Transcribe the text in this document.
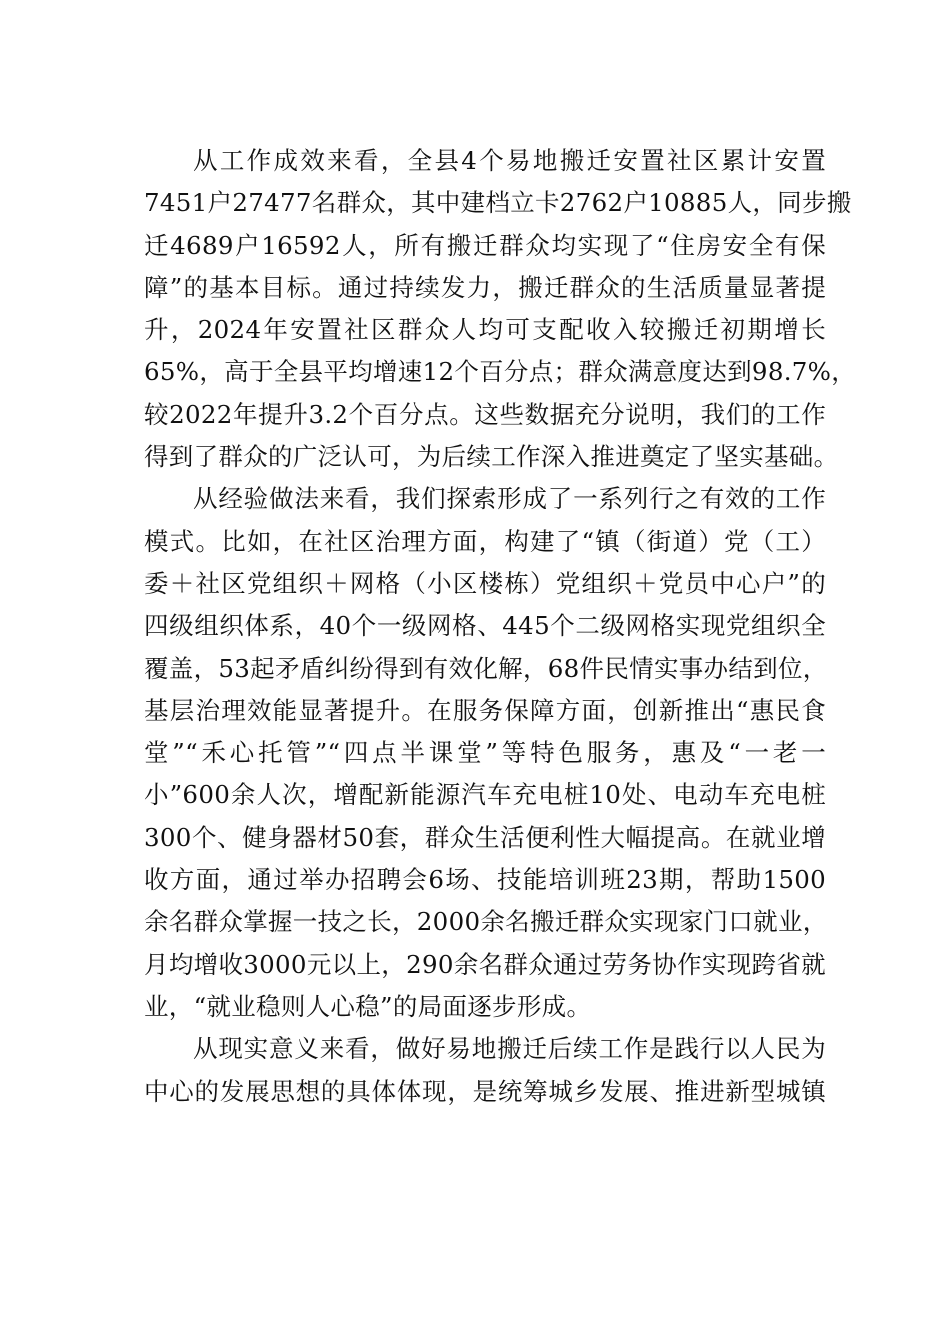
从工作成效来看，全县4个易地搬迁安置社区累计安置
7451户27477名群众，其中建档立卡2762户10885人，同步搬
迁4689户16592人，所有搬迁群众均实现了“住房安全有保
障”的基本目标。通过持续发力，搬迁群众的生活质量显著提
升，2024年安置社区群众人均可支配收入较搬迁初期增长
65%，高于全县平均增速12个百分点；群众满意度达到98.7%，
较2022年提升3.2个百分点。这些数据充分说明，我们的工作
得到了群众的广泛认可，为后续工作深入推进奠定了坚实基础。
从经验做法来看，我们探索形成了一系列行之有效的工作
模式。比如，在社区治理方面，构建了“镇（街道）党（工）
委＋社区党组织＋网格（小区楼栋）党组织＋党员中心户”的
四级组织体系，40个一级网格、445个二级网格实现党组织全
覆盖，53起矛盾纠纷得到有效化解，68件民情实事办结到位，
基层治理效能显著提升。在服务保障方面，创新推出“惠民食
堂”“禾心托管”“四点半课堂”等特色服务，惠及“一老一
小”600余人次，增配新能源汽车充电桩10处、电动车充电桩
300个、健身器材50套，群众生活便利性大幅提高。在就业增
收方面，通过举办招聘会6场、技能培训班23期，帮助1500
余名群众掌握一技之长，2000余名搬迁群众实现家门口就业，
月均增收3000元以上，290余名群众通过劳务协作实现跨省就
业，“就业稳则人心稳”的局面逐步形成。
从现实意义来看，做好易地搬迁后续工作是践行以人民为
中心的发展思想的具体体现，是统筹城乡发展、推进新型城镇
